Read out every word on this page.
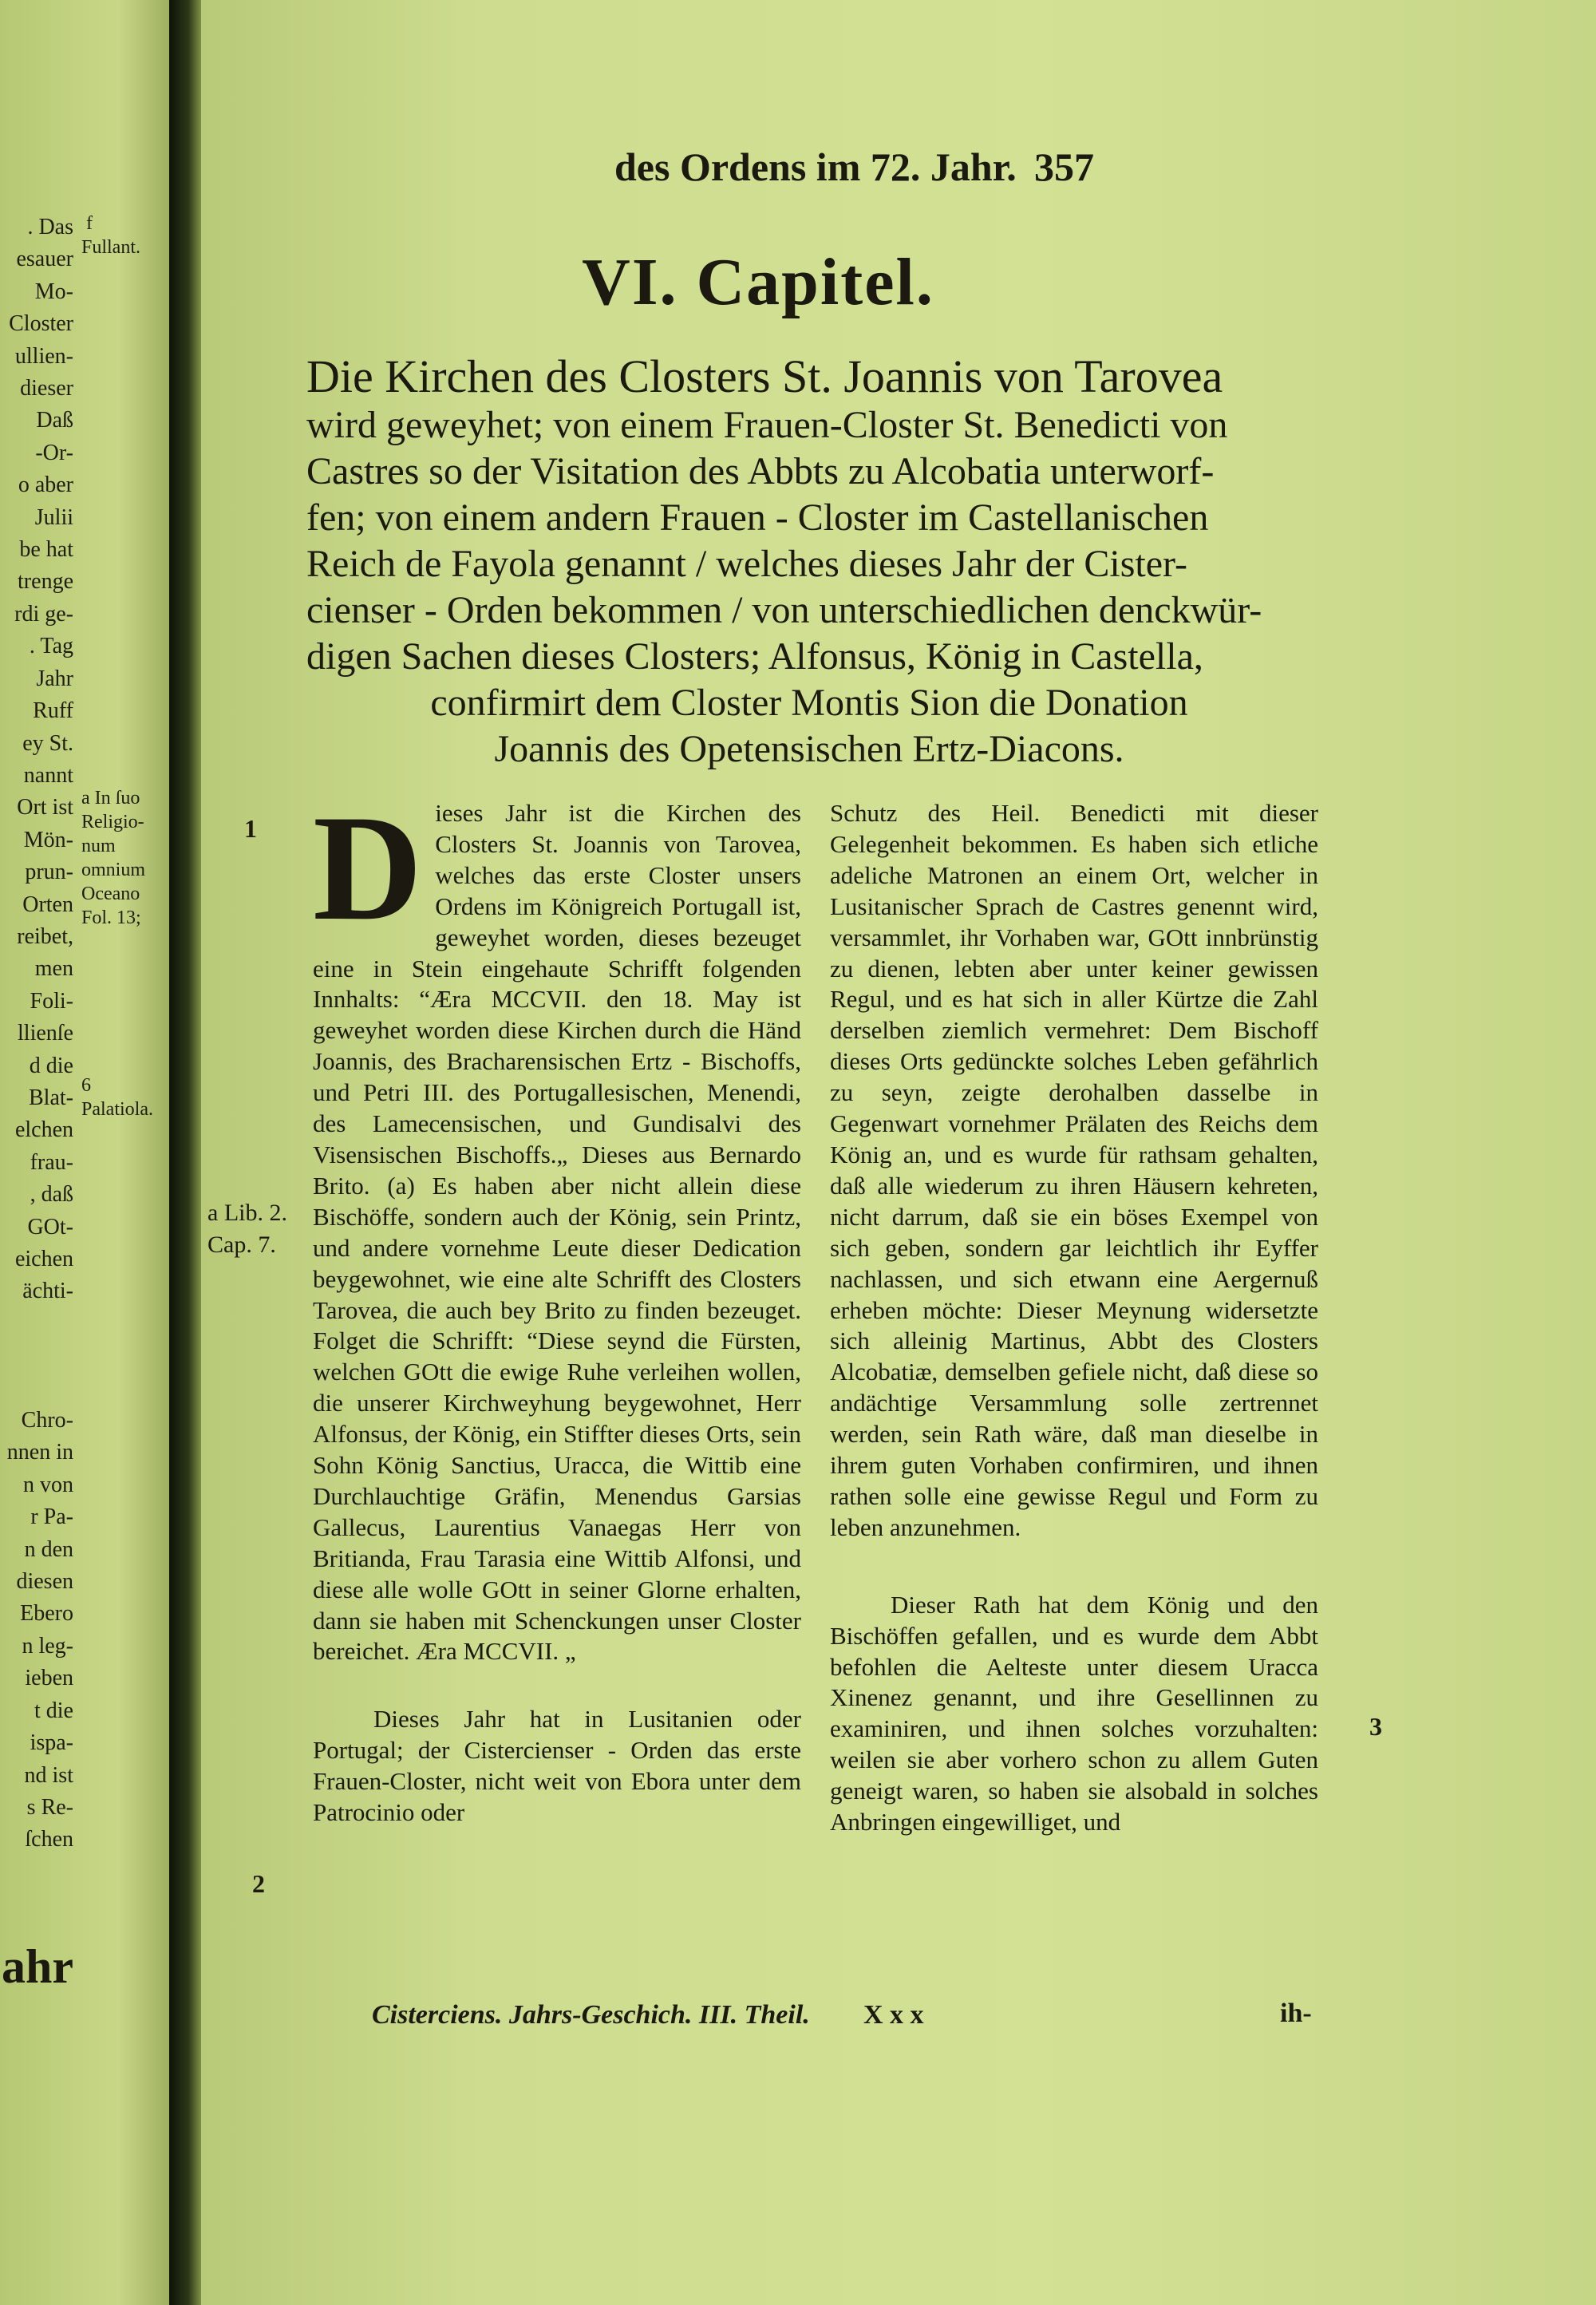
. Das
esauer
Mo-
Closter
ullien-
dieser
Daß
-Or-
o aber
Julii
be hat
trenge
rdi ge-
. Tag
Jahr
Ruff
ey St.
nannt
Ort ist
Mön-
prun-
Orten
reibet,
men
Foli-
llienſe
d die
Blat-
elchen
frau-
, daß
GOt-
eichen
ächti-

Chro-
nnen in
n von
r Pa-
n den
diesen
Ebero
n leg-
ieben
t die
ispa-
nd ist
s Re-
ſchen
f
Fullant.

a In ſuo
Religio-
num
omnium
Oceano
Fol. 13;

6
Palatiola.
ahr
des Ordens im 72. Jahr. 357
VI. Capitel.
Die Kirchen des Closters St. Joannis von Tarovea
wird geweyhet; von einem Frauen-Closter St. Benedicti von
Castres so der Visitation des Abbts zu Alcobatia unterworf-
fen; von einem andern Frauen - Closter im Castellanischen
Reich de Fayola genannt / welches dieses Jahr der Cister-
cienser - Orden bekommen / von unterschiedlichen denckwür-
digen Sachen dieses Closters; Alfonsus, König in Castella,
confirmirt dem Closter Montis Sion die Donation
Joannis des Opetensischen Ertz-Diacons.
1
2
3
a Lib. 2.
Cap. 7.

Dieses Jahr ist die Kirchen des Closters St. Joannis von Tarovea, welches das erste Closter unsers Ordens im Königreich Portugall ist, geweyhet worden, dieses bezeuget eine in Stein eingehaute Schrifft folgenden Innhalts: “Æra MCCVII. den 18. May ist geweyhet worden diese Kirchen durch die Händ Joannis, des Bracharensischen Ertz - Bischoffs, und Petri III. des Portugallesischen, Menendi, des Lamecensischen, und Gundisalvi des Visensischen Bischoffs.„ Dieses aus Bernardo Brito. (a) Es haben aber nicht allein diese Bischöffe, sondern auch der König, sein Printz, und andere vornehme Leute dieser Dedication beygewohnet, wie eine alte Schrifft des Closters Tarovea, die auch bey Brito zu finden bezeuget. Folget die Schrifft: “Diese seynd die Fürsten, welchen GOtt die ewige Ruhe verleihen wollen, die unserer Kirchweyhung beygewohnet, Herr Alfonsus, der König, ein Stiffter dieses Orts, sein Sohn König Sanctius, Uracca, die Wittib eine Durchlauchtige Gräfin, Menendus Garsias Gallecus, Laurentius Vanaegas Herr von Britianda, Frau Tarasia eine Wittib Alfonsi, und diese alle wolle GOtt in seiner Glorne erhalten, dann sie haben mit Schenckungen unser Closter bereichet. Æra MCCVII. „

Dieses Jahr hat in Lusitanien oder Portugal; der Cistercienser - Orden das erste Frauen-Closter, nicht weit von Ebora unter dem Patrocinio oder

Schutz des Heil. Benedicti mit dieser Gelegenheit bekommen. Es haben sich etliche adeliche Matronen an einem Ort, welcher in Lusitanischer Sprach de Castres genennt wird, versammlet, ihr Vorhaben war, GOtt innbrünstig zu dienen, lebten aber unter keiner gewissen Regul, und es hat sich in aller Kürtze die Zahl derselben ziemlich vermehret: Dem Bischoff dieses Orts gedünckte solches Leben gefährlich zu seyn, zeigte derohalben dasselbe in Gegenwart vornehmer Prälaten des Reichs dem König an, und es wurde für rathsam gehalten, daß alle wiederum zu ihren Häusern kehreten, nicht darrum, daß sie ein böses Exempel von sich geben, sondern gar leichtlich ihr Eyffer nachlassen, und sich etwann eine Aergernuß erheben möchte: Dieser Meynung widersetzte sich alleinig Martinus, Abbt des Closters Alcobatiæ, demselben gefiele nicht, daß diese so andächtige Versammlung solle zertrennet werden, sein Rath wäre, daß man dieselbe in ihrem guten Vorhaben confirmiren, und ihnen rathen solle eine gewisse Regul und Form zu leben anzunehmen.

Dieser Rath hat dem König und den Bischöffen gefallen, und es wurde dem Abbt befohlen die Aelteste unter diesem Uracca Xinenez genannt, und ihre Gesellinnen zu examiniren, und ihnen solches vorzuhalten: weilen sie aber vorhero schon zu allem Guten geneigt waren, so haben sie alsobald in solches Anbringen eingewilliget, und

Cisterciens. Jahrs-Geschich. III. Theil. X x x	ih-
